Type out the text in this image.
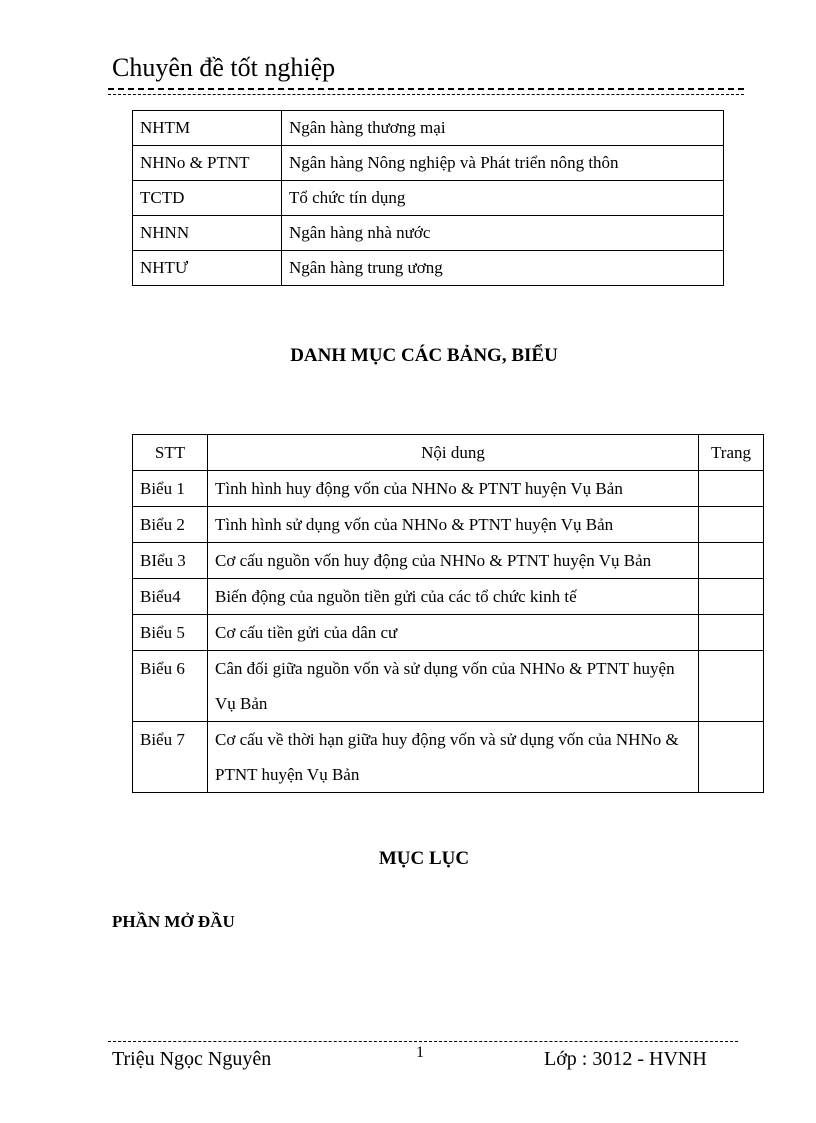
Chuyên đề tốt nghiệp
NHTM	Ngân hàng thương mại
NHNo & PTNT	Ngân hàng Nông nghiệp và Phát triển nông thôn
TCTD	Tổ chức tín dụng
NHNN	Ngân hàng nhà nước
NHTƯ	Ngân hàng trung ương
DANH MỤC CÁC BẢNG, BIỂU
STT	Nội dung	Trang
Biểu 1	Tình hình huy động vốn của NHNo & PTNT huyện Vụ Bản	
Biểu 2	Tình hình sử dụng vốn của NHNo & PTNT huyện Vụ Bản	
BIểu 3	Cơ cấu nguồn vốn huy động của NHNo & PTNT huyện Vụ Bản	
Biểu4	Biến động của nguồn tiền gửi của các tổ chức kinh tế	
Biểu 5	Cơ cấu tiền gửi của dân cư	
Biểu 6	Cân đối giữa nguồn vốn và sử dụng vốn của NHNo & PTNT huyện Vụ Bản	
Biểu 7	Cơ cấu về thời hạn giữa huy động vốn và sử dụng vốn của NHNo & PTNT huyện Vụ Bản	
MỤC LỤC
PHẦN MỞ ĐẦU
Triệu Ngọc Nguyên	1	Lớp : 3012 - HVNH
